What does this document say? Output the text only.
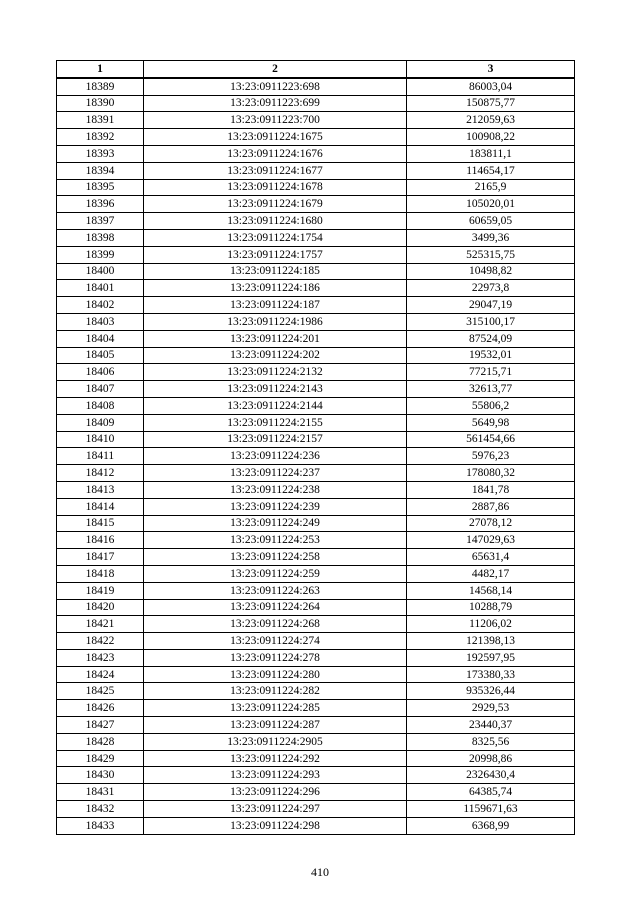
1	2	3
18389	13:23:0911223:698	86003,04
18390	13:23:0911223:699	150875,77
18391	13:23:0911223:700	212059,63
18392	13:23:0911224:1675	100908,22
18393	13:23:0911224:1676	183811,1
18394	13:23:0911224:1677	114654,17
18395	13:23:0911224:1678	2165,9
18396	13:23:0911224:1679	105020,01
18397	13:23:0911224:1680	60659,05
18398	13:23:0911224:1754	3499,36
18399	13:23:0911224:1757	525315,75
18400	13:23:0911224:185	10498,82
18401	13:23:0911224:186	22973,8
18402	13:23:0911224:187	29047,19
18403	13:23:0911224:1986	315100,17
18404	13:23:0911224:201	87524,09
18405	13:23:0911224:202	19532,01
18406	13:23:0911224:2132	77215,71
18407	13:23:0911224:2143	32613,77
18408	13:23:0911224:2144	55806,2
18409	13:23:0911224:2155	5649,98
18410	13:23:0911224:2157	561454,66
18411	13:23:0911224:236	5976,23
18412	13:23:0911224:237	178080,32
18413	13:23:0911224:238	1841,78
18414	13:23:0911224:239	2887,86
18415	13:23:0911224:249	27078,12
18416	13:23:0911224:253	147029,63
18417	13:23:0911224:258	65631,4
18418	13:23:0911224:259	4482,17
18419	13:23:0911224:263	14568,14
18420	13:23:0911224:264	10288,79
18421	13:23:0911224:268	11206,02
18422	13:23:0911224:274	121398,13
18423	13:23:0911224:278	192597,95
18424	13:23:0911224:280	173380,33
18425	13:23:0911224:282	935326,44
18426	13:23:0911224:285	2929,53
18427	13:23:0911224:287	23440,37
18428	13:23:0911224:2905	8325,56
18429	13:23:0911224:292	20998,86
18430	13:23:0911224:293	2326430,4
18431	13:23:0911224:296	64385,74
18432	13:23:0911224:297	1159671,63
18433	13:23:0911224:298	6368,99
410
